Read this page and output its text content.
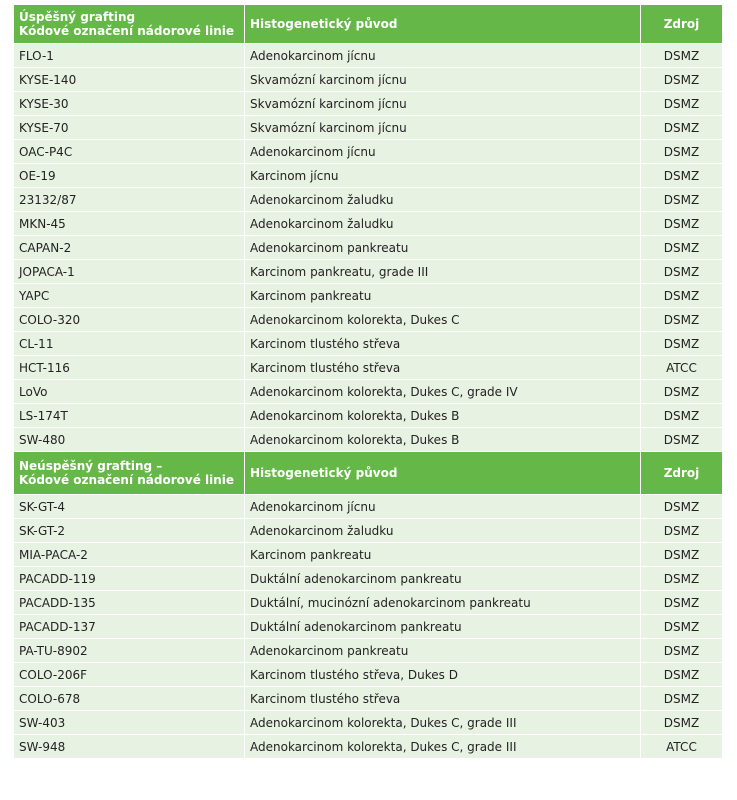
Úspěšný grafting
Kódové označení nádorové linie	Histogenetický původ	Zdroj
FLO-1	Adenokarcinom jícnu	DSMZ
KYSE-140	Skvamózní karcinom jícnu	DSMZ
KYSE-30	Skvamózní karcinom jícnu	DSMZ
KYSE-70	Skvamózní karcinom jícnu	DSMZ
OAC-P4C	Adenokarcinom jícnu	DSMZ
OE-19	Karcinom jícnu	DSMZ
23132/87	Adenokarcinom žaludku	DSMZ
MKN-45	Adenokarcinom žaludku	DSMZ
CAPAN-2	Adenokarcinom pankreatu	DSMZ
JOPACA-1	Karcinom pankreatu, grade III	DSMZ
YAPC	Karcinom pankreatu	DSMZ
COLO-320	Adenokarcinom kolorekta, Dukes C	DSMZ
CL-11	Karcinom tlustého střeva	DSMZ
HCT-116	Karcinom tlustého střeva	ATCC
LoVo	Adenokarcinom kolorekta, Dukes C, grade IV	DSMZ
LS-174T	Adenokarcinom kolorekta, Dukes B	DSMZ
SW-480	Adenokarcinom kolorekta, Dukes B	DSMZ

Neúspěšný grafting –
Kódové označení nádorové linie	Histogenetický původ	Zdroj
SK-GT-4	Adenokarcinom jícnu	DSMZ
SK-GT-2	Adenokarcinom žaludku	DSMZ
MIA-PACA-2	Karcinom pankreatu	DSMZ
PACADD-119	Duktální adenokarcinom pankreatu	DSMZ
PACADD-135	Duktální, mucinózní adenokarcinom pankreatu	DSMZ
PACADD-137	Duktální adenokarcinom pankreatu	DSMZ
PA-TU-8902	Adenokarcinom pankreatu	DSMZ
COLO-206F	Karcinom tlustého střeva, Dukes D	DSMZ
COLO-678	Karcinom tlustého střeva	DSMZ
SW-403	Adenokarcinom kolorekta, Dukes C, grade III	DSMZ
SW-948	Adenokarcinom kolorekta, Dukes C, grade III	ATCC
